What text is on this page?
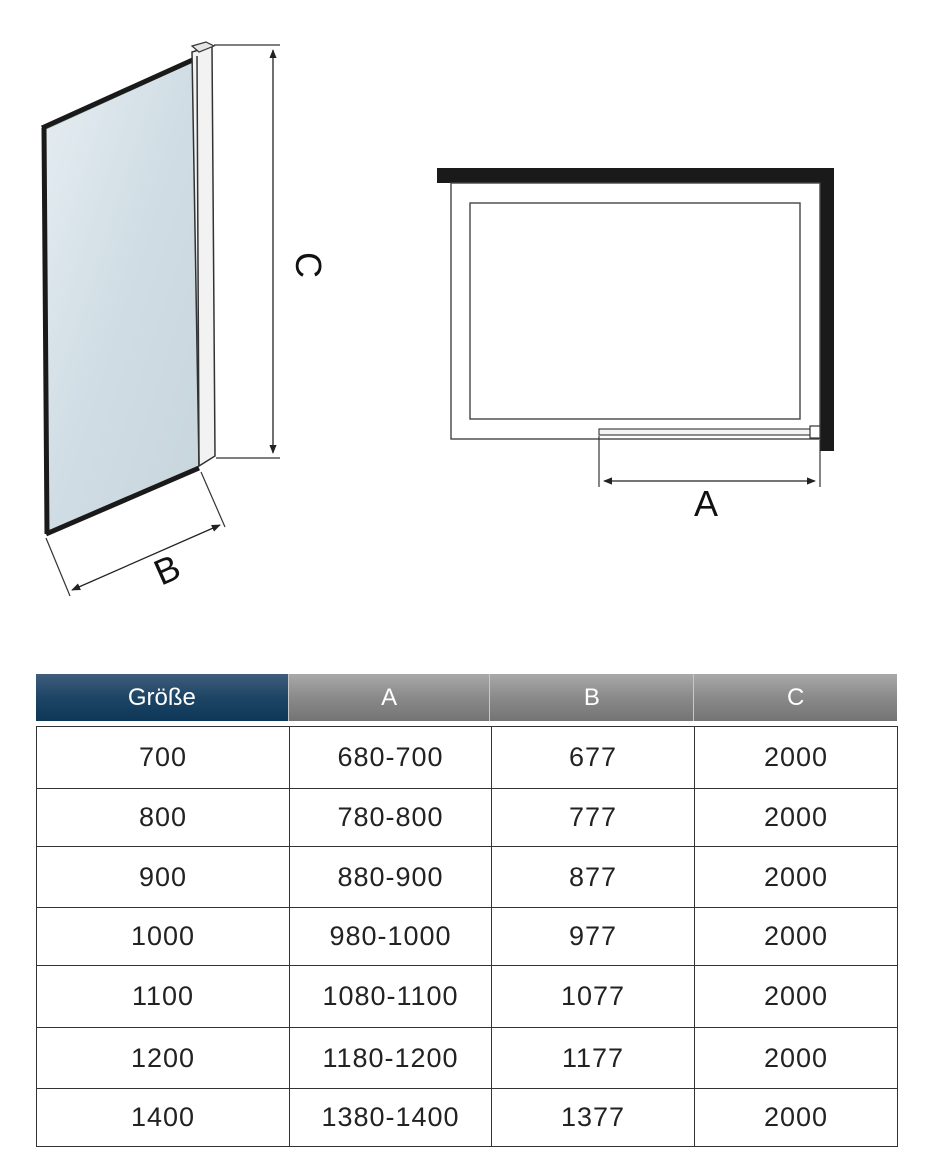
C
B
A
Größe	A	B	C
700	680-700	677	2000
800	780-800	777	2000
900	880-900	877	2000
1000	980-1000	977	2000
1100	1080-1100	1077	2000
1200	1180-1200	1177	2000
1400	1380-1400	1377	2000
